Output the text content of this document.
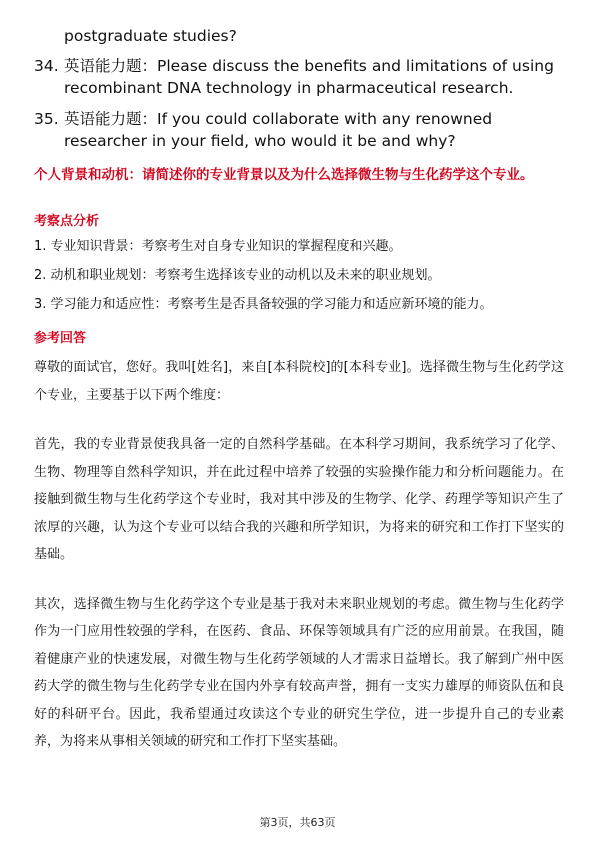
postgraduate studies?
34. 英语能力题：Please discuss the benefits and limitations of using recombinant DNA technology in pharmaceutical research.
35. 英语能力题：If you could collaborate with any renowned researcher in your field, who would it be and why?
个人背景和动机：请简述你的专业背景以及为什么选择微生物与生化药学这个专业。
考察点分析
1. 专业知识背景：考察考生对自身专业知识的掌握程度和兴趣。
2. 动机和职业规划：考察考生选择该专业的动机以及未来的职业规划。
3. 学习能力和适应性：考察考生是否具备较强的学习能力和适应新环境的能力。
参考回答

尊敬的面试官，您好。我叫[姓名]，来自[本科院校]的[本科专业]。选择微生物与生化药学这个专业，主要基于以下两个维度：

首先，我的专业背景使我具备一定的自然科学基础。在本科学习期间，我系统学习了化学、生物、物理等自然科学知识，并在此过程中培养了较强的实验操作能力和分析问题能力。在接触到微生物与生化药学这个专业时，我对其中涉及的生物学、化学、药理学等知识产生了浓厚的兴趣，认为这个专业可以结合我的兴趣和所学知识，为将来的研究和工作打下坚实的基础。

其次，选择微生物与生化药学这个专业是基于我对未来职业规划的考虑。微生物与生化药学作为一门应用性较强的学科，在医药、食品、环保等领域具有广泛的应用前景。在我国，随着健康产业的快速发展，对微生物与生化药学领域的人才需求日益增长。我了解到广州中医药大学的微生物与生化药学专业在国内外享有较高声誉，拥有一支实力雄厚的师资队伍和良好的科研平台。因此，我希望通过攻读这个专业的研究生学位，进一步提升自己的专业素养，为将来从事相关领域的研究和工作打下坚实基础。

第3页，共63页
